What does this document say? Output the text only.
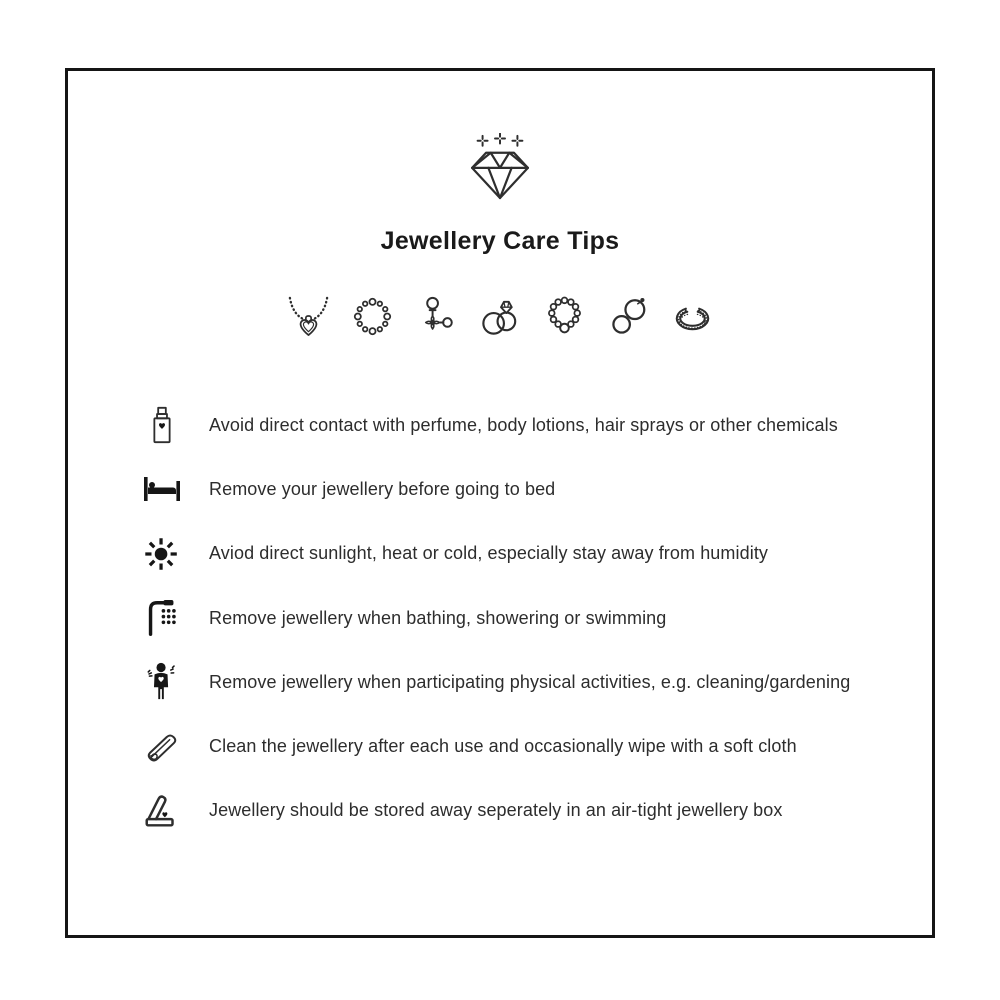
Jewellery Care Tips
Avoid direct contact with perfume, body lotions, hair sprays or other chemicals
Remove your jewellery before going to bed
Aviod direct sunlight, heat or cold, especially stay away from humidity
Remove jewellery when bathing, showering or swimming
Remove jewellery when participating physical activities, e.g. cleaning/gardening
Clean the jewellery after each use and occasionally wipe with a soft cloth
Jewellery should be stored away seperately in an air-tight jewellery box
